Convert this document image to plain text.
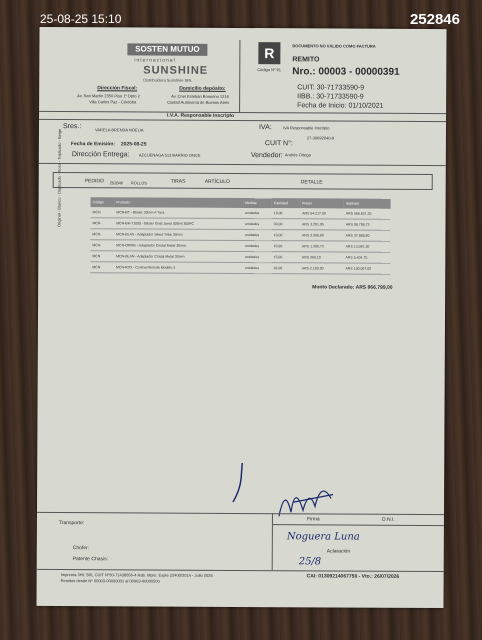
25-08-25 15:10	252846
SOSTEN MUTUO
internacional
SUNSHINE
Distribuidora Sunshine SRL
Dirección Fiscal:
Av. San Martín 2350 Piso 1º Dpto 2
Villa Carlos Paz - Córdoba
Domicilio depósito:
Av. Cnel Esteban Bonorino 1216
Ciudad Autónoma de Buenos Aires
R
Código Nº 91
DOCUMENTO NO VÁLIDO COMO FACTURA
REMITO
Nro.: 00003 - 00000391
CUIT: 30-71733590-9
IIBB.: 30-71733590-9
Fecha de Inicio: 01/10/2021
I.V.A. Responsable Inscripto
Sres.:	VARELA BRENDA NOELIA	IVA:	IVA Responsable Inscripto
27-36692640-8
Fecha de Emisión: 2025-08-25	CUIT N°:
Dirección Entrega: AZCUENAGA 513 BARRIO ONCE	Vendedor: Andrés Ortega
PEDIDO 252846 ROLLOS	TIRAS	ARTÍCULO	DETALLE
Código	Producto	Medida	Cantidad	Precio	Subtotal
MCN	MCN-BT - Blister 30mm A Tura	unidades	10,00	ARS 54.217,50	ARS 566.821,25
MCN	MCN-BK-T1000 - Blister Gold Jama 500ml 300PC	unidades	30,00	ARS 3.291,95	ARS 98.758,73
MCN	MCN-BLAS - Adaptador Silent Tribe 30mm	unidades	10,00	ARS 3.566,80	ARS 37.666,80
MCN	MCN-ORNG - Adaptador Cristal Metal 30mm	unidades	10,00	ARS 1.306,73	ARS 13.067,30
MCN	MCN-BLAN - Adaptador Cristal Metal 30mm	unidades	15,00	ARS 360,19	ARS 5.404,75
MCN	MCN-RJO - Cortina Remote Modelo 3	unidades	10,00	ARS 2.100,00	ARS 130.007,00
Monto Declarado: ARS 866.799,00
Original - Blanco - Duplicado - Rosa - Triplicado - Beige
Transporte:
Chofer:
Patente Chasis:
Firma	D.N.I.
Noguera Luna
Aclaración
25/8
Imprenta 3HL SRL CUIT Nº30-71438656-4 Hab. Mpro. Expte 22400/2014 - Julio 2025
Remitos desde Nº 00003-00000001 al 00003-00000500
CAI: 01309214067750 - Vto.: 26/07/2026
